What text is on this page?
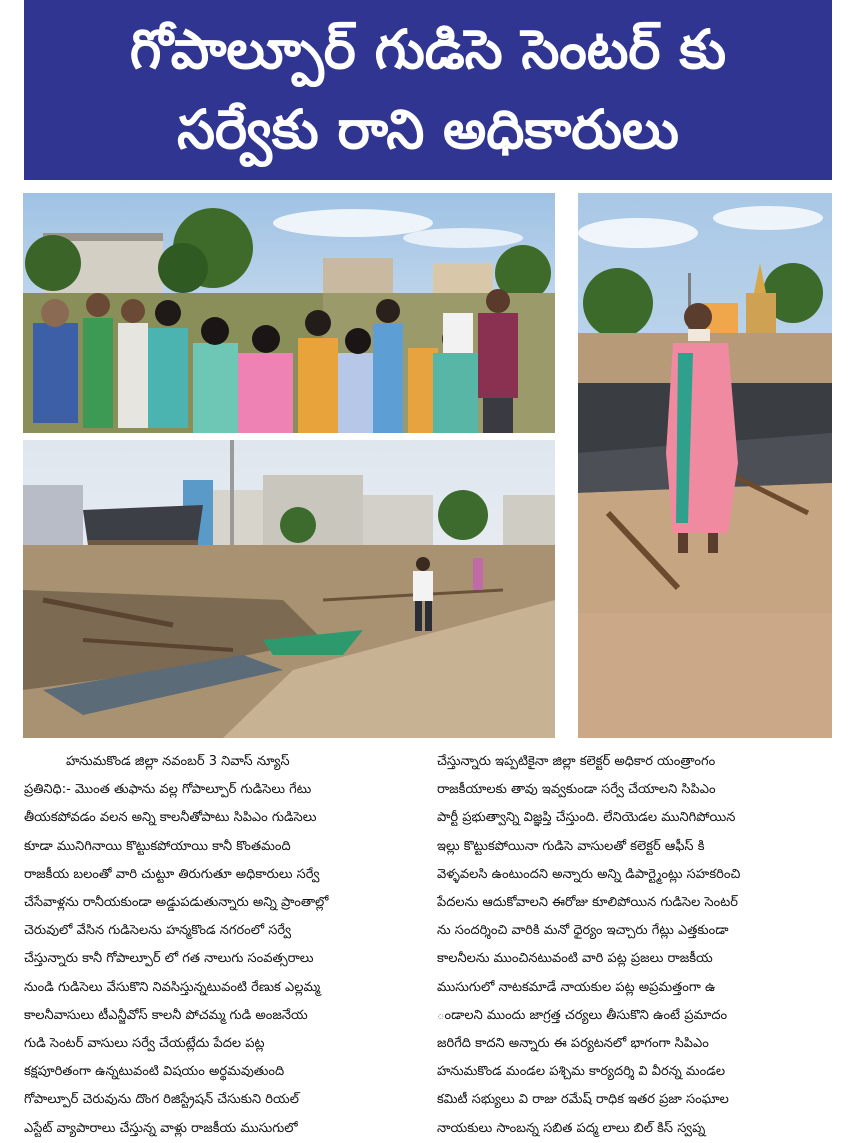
గోపాల్పూర్ గుడిసె సెంటర్ కు
సర్వేకు రాని అధికారులు
హనుమకొండ జిల్లా నవంబర్ 3 నివాస్ న్యూస్
ప్రతినిధి:- మొంత తుఫాను వల్ల గోపాల్పూర్ గుడిసెలు గేటు
తీయకపోవడం వలన అన్ని కాలనీతోపాటు సిపిఎం గుడిసెలు
కూడా మునిగినాయి కొట్టుకపోయాయి కానీ కొంతమంది
రాజకీయ బలంతో వారి చుట్టూ తిరుగుతూ అధికారులు సర్వే
చేసేవాళ్లను రానీయకుండా అడ్డుపడుతున్నారు అన్ని ప్రాంతాల్లో
చెరువులో వేసిన గుడిసెలను హన్మకొండ నగరంలో సర్వే
చేస్తున్నారు కానీ గోపాల్పూర్ లో గత నాలుగు సంవత్సరాలు
నుండి గుడిసెలు వేసుకొని నివసిస్తున్నటువంటి రేణుక ఎల్లమ్మ
కాలనీవాసులు టీఎన్జీవోస్ కాలనీ పోచమ్మ గుడి అంజనేయ
గుడి సెంటర్ వాసులు సర్వే చేయట్లేదు పేదల పట్ల
కక్షపూరితంగా ఉన్నటువంటి విషయం అర్థమవుతుంది
గోపాల్పూర్ చెరువును దొంగ రిజిస్ట్రేషన్ చేసుకుని రియల్
ఎస్టేట్ వ్యాపారాలు చేస్తున్న వాళ్లు రాజకీయ ముసుగులో
చేస్తున్నారు ఇప్పటికైనా జిల్లా కలెక్టర్ అధికార యంత్రాంగం
రాజకీయాలకు తావు ఇవ్వకుండా సర్వే చేయాలని సిపిఎం
పార్టీ ప్రభుత్వాన్ని విజ్ఞప్తి చేస్తుంది. లేనియెడల మునిగిపోయిన
ఇల్లు కొట్టుకపోయినా గుడిసె వాసులతో కలెక్టర్ ఆఫీస్ కి
వెళ్ళవలసి ఉంటుందని అన్నారు అన్ని డిపార్ట్మెంట్లు సహకరించి
పేదలను ఆదుకోవాలని ఈరోజు కూలిపోయిన గుడిసెల సెంటర్
ను సందర్శించి వారికి మనో ధైర్యం ఇచ్చారు గేట్లు ఎత్తకుండా
కాలనీలను ముంచినటువంటి వారి పట్ల ప్రజలు రాజకీయ
ముసుగులో నాటకమాడే నాయకుల పట్ల అప్రమత్తంగా ఉ
ండాలని ముందు జాగ్రత్త చర్యలు తీసుకొని ఉంటే ప్రమాదం
జరిగేది కాదని అన్నారు ఈ పర్యటనలో భాగంగా సిపిఎం
హనుమకొండ మండల పశ్చిమ కార్యదర్శి వి వీరన్న మండల
కమిటీ సభ్యులు వి రాజు రమేష్ రాధిక ఇతర ప్రజా సంఘాల
నాయకులు సాంబన్న సబిత పద్మ లాలు బిల్ కిస్ స్వప్న
